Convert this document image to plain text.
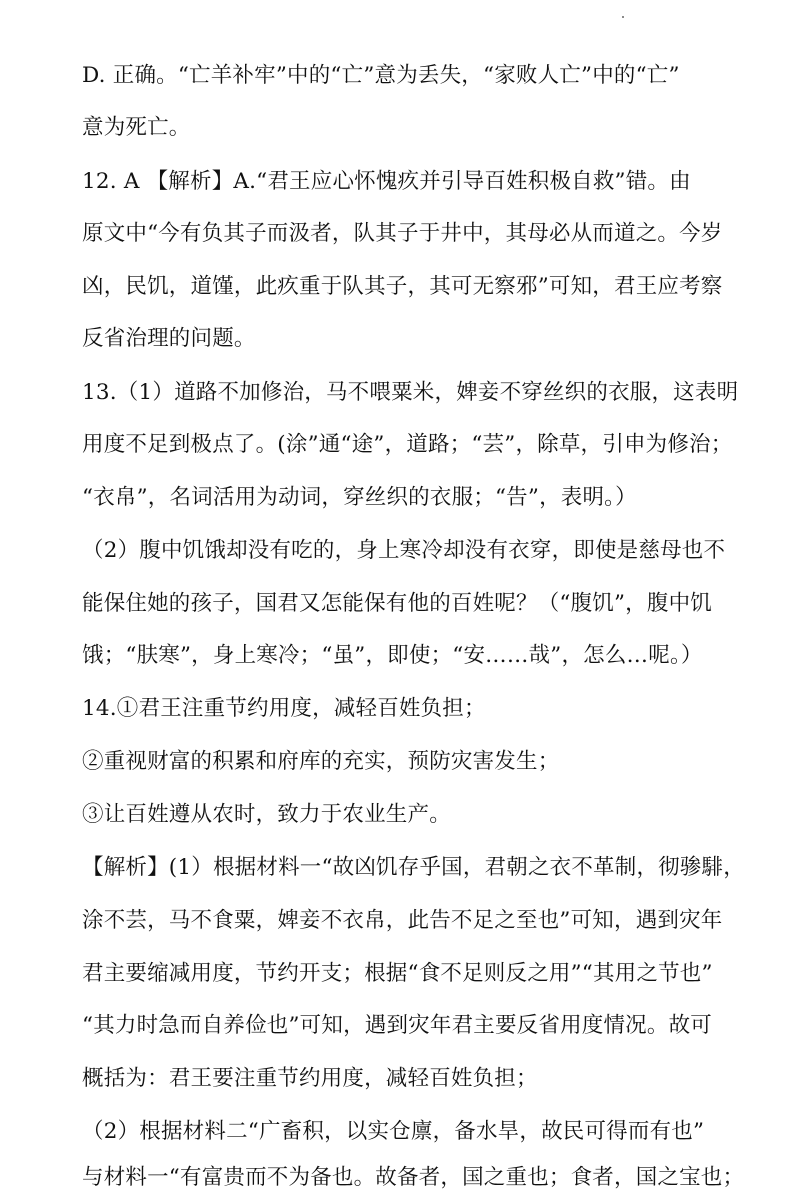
D. 正确。“亡羊补牢”中的“亡”意为丢失，“家败人亡”中的“亡”
意为死亡。
12. A 【解析】A.“君王应心怀愧疚并引导百姓积极自救”错。由
原文中“今有负其子而汲者，队其子于井中，其母必从而道之。今岁
凶，民饥，道馑，此疚重于队其子，其可无察邪”可知，君王应考察
反省治理的问题。
13.（1）道路不加修治，马不喂粟米，婢妾不穿丝织的衣服，这表明
用度不足到极点了。(涂”通“途”，道路；“芸”，除草，引申为修治；
“衣帛”，名词活用为动词，穿丝织的衣服；“告”，表明。）
（2）腹中饥饿却没有吃的，身上寒冷却没有衣穿，即使是慈母也不
能保住她的孩子，国君又怎能保有他的百姓呢？（“腹饥”，腹中饥
饿；“肤寒”，身上寒冷；“虽”，即使；“安……哉”，怎么…呢。）
14.①君王注重节约用度，减轻百姓负担；
②重视财富的积累和府库的充实，预防灾害发生；
③让百姓遵从农时，致力于农业生产。
【解析】(1）根据材料一“故凶饥存乎国，君朝之衣不革制，彻骖騑，
涂不芸，马不食粟，婢妾不衣帛，此告不足之至也”可知，遇到灾年
君主要缩减用度，节约开支；根据“食不足则反之用”“其用之节也”
“其力时急而自养俭也”可知，遇到灾年君主要反省用度情况。故可
概括为：君王要注重节约用度，减轻百姓负担；
（2）根据材料二“广畜积，以实仓廪，备水旱，故民可得而有也”
与材料一“有富贵而不为备也。故备者，国之重也；食者，国之宝也；
